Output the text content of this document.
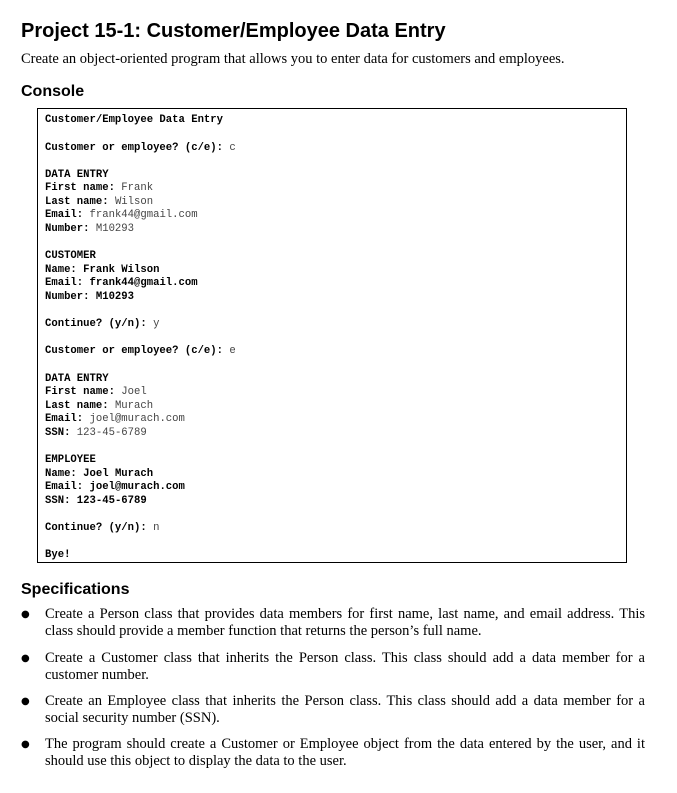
Project 15-1: Customer/Employee Data Entry

Create an object-oriented program that allows you to enter data for customers and employees.

Console
Customer/Employee Data Entry
Customer or employee? (c/e): c
DATA ENTRY
First name: Frank
Last name: Wilson
Email: frank44@gmail.com
Number: M10293
CUSTOMER
Name: Frank Wilson
Email: frank44@gmail.com
Number: M10293
Continue? (y/n): y
Customer or employee? (c/e): e
DATA ENTRY
First name: Joel
Last name: Murach
Email: joel@murach.com
SSN: 123-45-6789
EMPLOYEE
Name: Joel Murach
Email: joel@murach.com
SSN: 123-45-6789
Continue? (y/n): n
Bye!
Specifications
● Create a Person class that provides data members for first name, last name, and email address. This class should provide a member function that returns the person’s full name.

● Create a Customer class that inherits the Person class. This class should add a data member for a customer number.

● Create an Employee class that inherits the Person class. This class should add a data member for a social security number (SSN).

● The program should create a Customer or Employee object from the data entered by the user, and it should use this object to display the data to the user.
